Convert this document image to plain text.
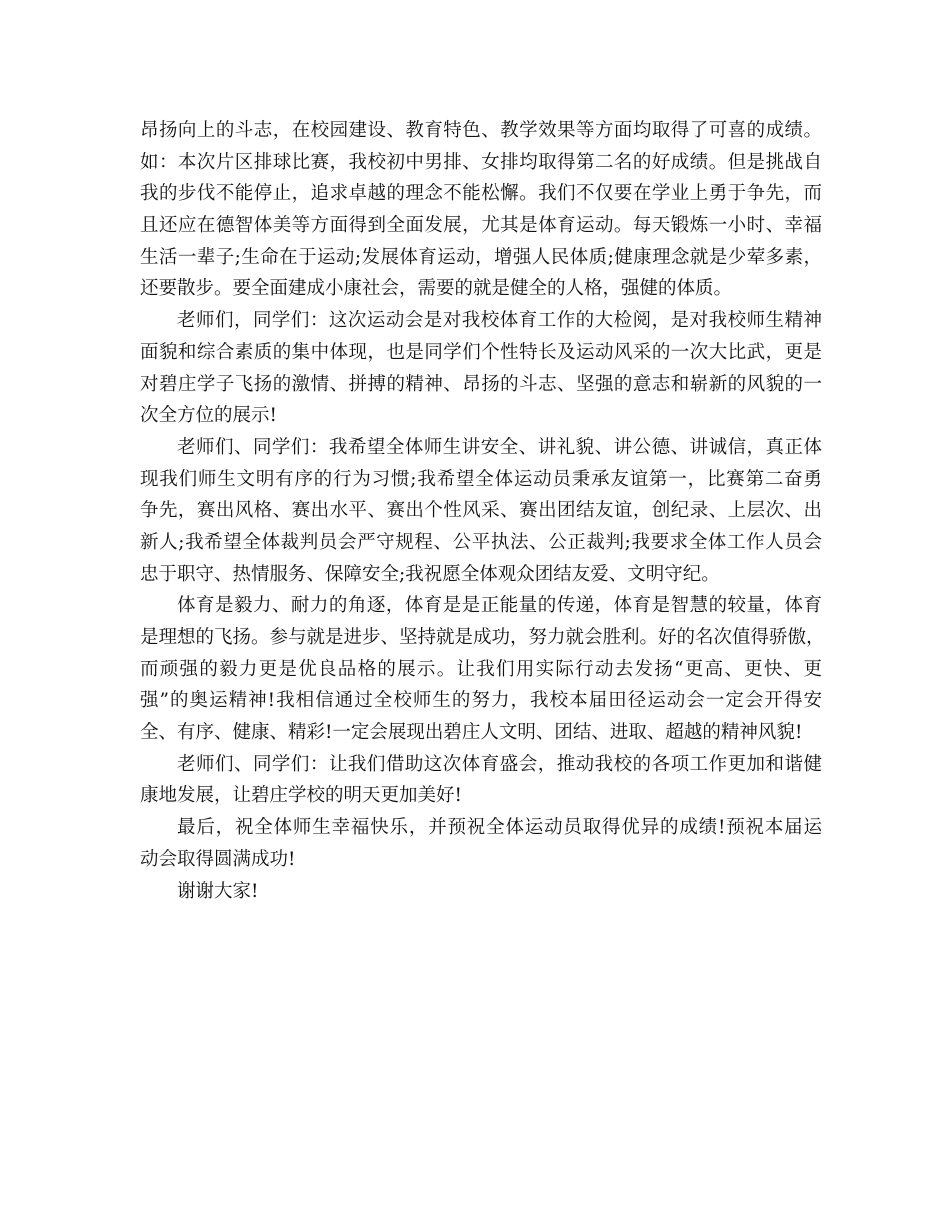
昂扬向上的斗志，在校园建设、教育特色、教学效果等方面均取得了可喜的成绩。
如：本次片区排球比赛，我校初中男排、女排均取得第二名的好成绩。但是挑战自
我的步伐不能停止，追求卓越的理念不能松懈。我们不仅要在学业上勇于争先，而
且还应在德智体美等方面得到全面发展，尤其是体育运动。每天锻炼一小时、幸福
生活一辈子;生命在于运动;发展体育运动，增强人民体质;健康理念就是少荤多素，
还要散步。要全面建成小康社会，需要的就是健全的人格，强健的体质。
老师们，同学们：这次运动会是对我校体育工作的大检阅，是对我校师生精神
面貌和综合素质的集中体现，也是同学们个性特长及运动风采的一次大比武，更是
对碧庄学子飞扬的激情、拼搏的精神、昂扬的斗志、坚强的意志和崭新的风貌的一
次全方位的展示!
老师们、同学们：我希望全体师生讲安全、讲礼貌、讲公德、讲诚信，真正体
现我们师生文明有序的行为习惯;我希望全体运动员秉承友谊第一，比赛第二奋勇
争先，赛出风格、赛出水平、赛出个性风采、赛出团结友谊，创纪录、上层次、出
新人;我希望全体裁判员会严守规程、公平执法、公正裁判;我要求全体工作人员会
忠于职守、热情服务、保障安全;我祝愿全体观众团结友爱、文明守纪。
体育是毅力、耐力的角逐，体育是是正能量的传递，体育是智慧的较量，体育
是理想的飞扬。参与就是进步、坚持就是成功，努力就会胜利。好的名次值得骄傲，
而顽强的毅力更是优良品格的展示。让我们用实际行动去发扬“更高、更快、更
强”的奥运精神!我相信通过全校师生的努力，我校本届田径运动会一定会开得安
全、有序、健康、精彩!一定会展现出碧庄人文明、团结、进取、超越的精神风貌!
老师们、同学们：让我们借助这次体育盛会，推动我校的各项工作更加和谐健
康地发展，让碧庄学校的明天更加美好!
最后，祝全体师生幸福快乐，并预祝全体运动员取得优异的成绩!预祝本届运
动会取得圆满成功!
谢谢大家!
